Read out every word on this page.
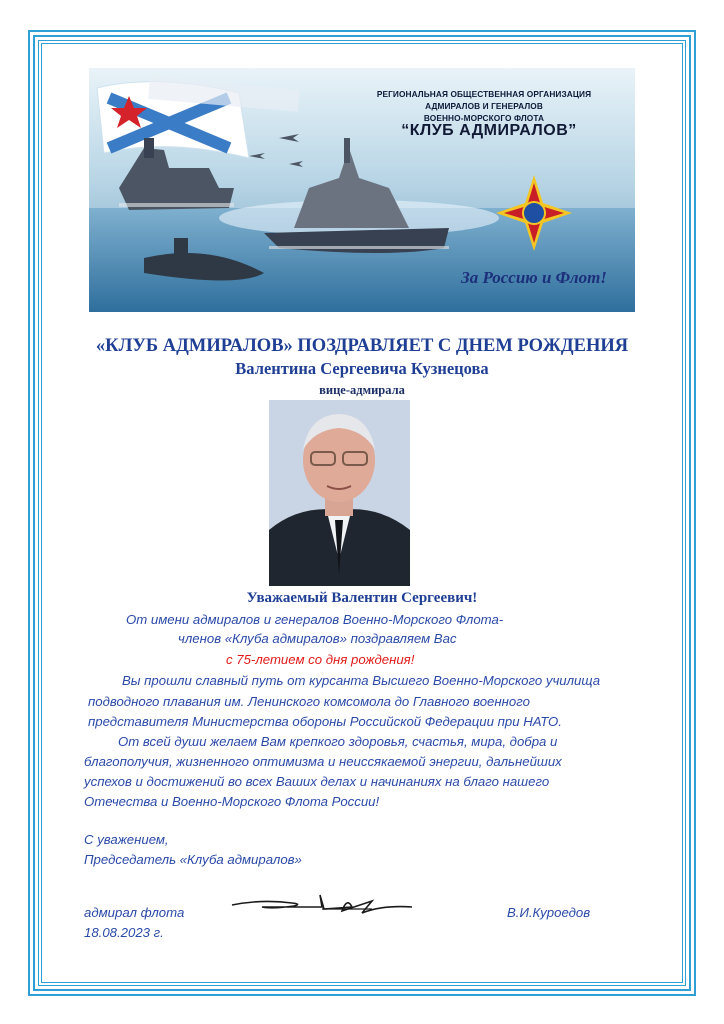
РЕГИОНАЛЬНАЯ ОБЩЕСТВЕННАЯ ОРГАНИЗАЦИЯ
АДМИРАЛОВ И ГЕНЕРАЛОВ
ВОЕННО-МОРСКОГО ФЛОТА
“КЛУБ АДМИРАЛОВ”
За Россию и Флот!
«КЛУБ АДМИРАЛОВ» ПОЗДРАВЛЯЕТ С ДНЕМ РОЖДЕНИЯ
Валентина Сергеевича Кузнецова
вице-адмирала
Уважаемый Валентин Сергеевич!
От имени адмиралов и генералов Военно-Морского Флота-
членов «Клуба адмиралов» поздравляем Вас
с 75-летием со дня рождения!
Вы прошли славный путь от курсанта Высшего Военно-Морского училища
подводного плавания им. Ленинского комсомола до Главного военного
представителя Министерства обороны Российской Федерации при НАТО.
От всей души желаем Вам крепкого здоровья, счастья, мира, добра и
благополучия, жизненного оптимизма и неиссякаемой энергии, дальнейших
успехов и достижений во всех Ваших делах и начинаниях на благо нашего
Отечества и Военно-Морского Флота России!
С уважением,
Председатель «Клуба адмиралов»
адмирал флота	В.И.Куроедов
18.08.2023 г.
